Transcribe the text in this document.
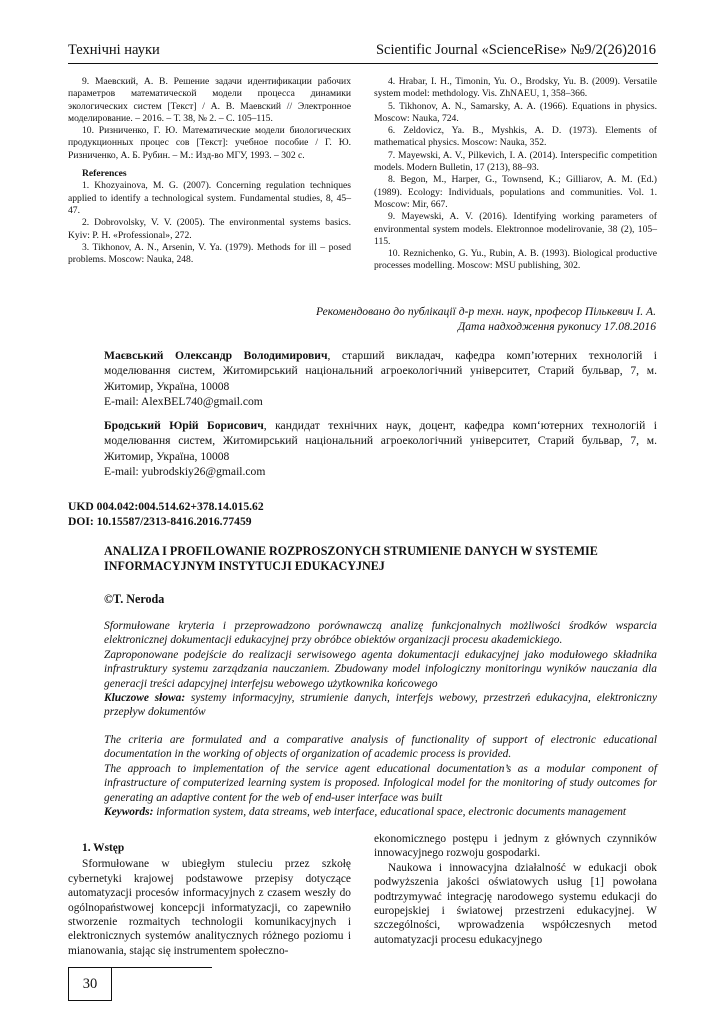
Технічні науки	Scientific Journal «ScienceRise» №9/2(26)2016

9. Маевский, А. В. Решение задачи идентификации рабочих параметров математической модели процесса динамики экологических систем [Текст] / А. В. Маевский // Электронное моделирование. – 2016. – Т. 38, № 2. – С. 105–115.

10. Ризниченко, Г. Ю. Математические модели биологических продукционных процес сов [Текст]: учебное пособие / Г. Ю. Ризниченко, А. Б. Рубин. – М.: Изд-во МГУ, 1993. – 302 с.

References

1. Khozyainova, M. G. (2007). Concerning regulation techniques applied to identify a technological system. Fundamental studies, 8, 45–47.

2. Dobrovolsky, V. V. (2005). The environmental systems basics. Kyiv: P. H. «Professional», 272.

3. Tikhonov, A. N., Arsenin, V. Ya. (1979). Methods for ill – posed problems. Moscow: Nauka, 248.

4. Hrabar, I. H., Timonin, Yu. O., Brodsky, Yu. B. (2009). Versatile system model: methdology. Vis. ZhNAEU, 1, 358–366.

5. Tikhonov, A. N., Samarsky, A. A. (1966). Equations in physics. Moscow: Nauka, 724.

6. Zeldovicz, Ya. B., Myshkis, A. D. (1973). Elements of mathematical physics. Moscow: Nauka, 352.

7. Mayewski, A. V., Pilkevich, I. A. (2014). Interspecific competition models. Modern Bulletin, 17 (213), 88–93.

8. Begon, M., Harper, G., Townsend, K.; Gilliarov, A. M. (Ed.) (1989). Ecology: Individuals, populations and communities. Vol. 1. Moscow: Mir, 667.

9. Mayewski, A. V. (2016). Identifying working parameters of environmental system models. Elektronnoe modelirovanie, 38 (2), 105–115.

10. Reznichenko, G. Yu., Rubin, A. B. (1993). Biological productive processes modelling. Moscow: MSU publishing, 302.

Рекомендовано до публікації д-р техн. наук, професор Пількевич І. А.
Дата надходження рукопису 17.08.2016

Маєвський Олександр Володимирович, старший викладач, кафедра комп’ютерних технологій і моделювання систем, Житомирський національний агроекологічний університет, Старий бульвар, 7, м. Житомир, Україна, 10008

E-mail: AlexBEL740@gmail.com

Бродський Юрій Борисович, кандидат технічних наук, доцент, кафедра комп‘ютерних технологій і моделювання систем, Житомирський національний агроекологічний університет, Старий бульвар, 7, м. Житомир, Україна, 10008

E-mail: yubrodskiy26@gmail.com

UKD 004.042:004.514.62+378.14.015.62
DOI: 10.15587/2313-8416.2016.77459
ANALIZA I PROFILOWANIE ROZPROSZONYCH STRUMIENIE DANYCH W SYSTEMIE INFORMACYJNYM INSTYTUCJI EDUKACYJNEJ
©T. Neroda

Sformułowane kryteria i przeprowadzono porównawczą analizę funkcjonalnych możliwości środków wsparcia elektronicznej dokumentacji edukacyjnej przy obróbce obiektów organizacji procesu akademickiego.

Zaproponowane podejście do realizacji serwisowego agenta dokumentacji edukacyjnej jako modułowego składnika infrastruktury systemu zarządzania nauczaniem. Zbudowany model infologiczny monitoringu wyników nauczania dla generacji treści adapcyjnej interfejsu webowego użytkownika końcowego

Kluczowe słowa: systemy informacyjny, strumienie danych, interfejs webowy, przestrzeń edukacyjna, elektroniczny przepływ dokumentów

The criteria are formulated and a comparative analysis of functionality of support of electronic educational documentation in the working of objects of organization of academic process is provided.

The approach to implementation of the service agent educational documentation’s as a modular component of infrastructure of computerized learning system is proposed. Infological model for the monitoring of study outcomes for generating an adaptive content for the web of end-user interface was built

Keywords: information system, data streams, web interface, educational space, electronic documents management

1. Wstęp

Sformułowane w ubiegłym stuleciu przez szkołę cybernetyki krajowej podstawowe przepisy dotyczące automatyzacji procesów informacyjnych z czasem weszły do ogólnopaństwowej koncepcji informatyzacji, co zapewniło stworzenie rozmaitych technologii komunikacyjnych i elektronicznych systemów analitycznych różnego poziomu i mianowania, stając się instrumentem społeczno-

ekonomicznego postępu i jednym z głównych czynników innowacyjnego rozwoju gospodarki.

Naukowa i innowacyjna działalność w edukacji obok podwyższenia jakości oświatowych usług [1] powołana podtrzymywać integrację narodowego systemu edukacji do europejskiej i światowej przestrzeni edukacyjnej. W szczególności, wprowadzenia współczesnych metod automatyzacji procesu edukacyjnego

30
